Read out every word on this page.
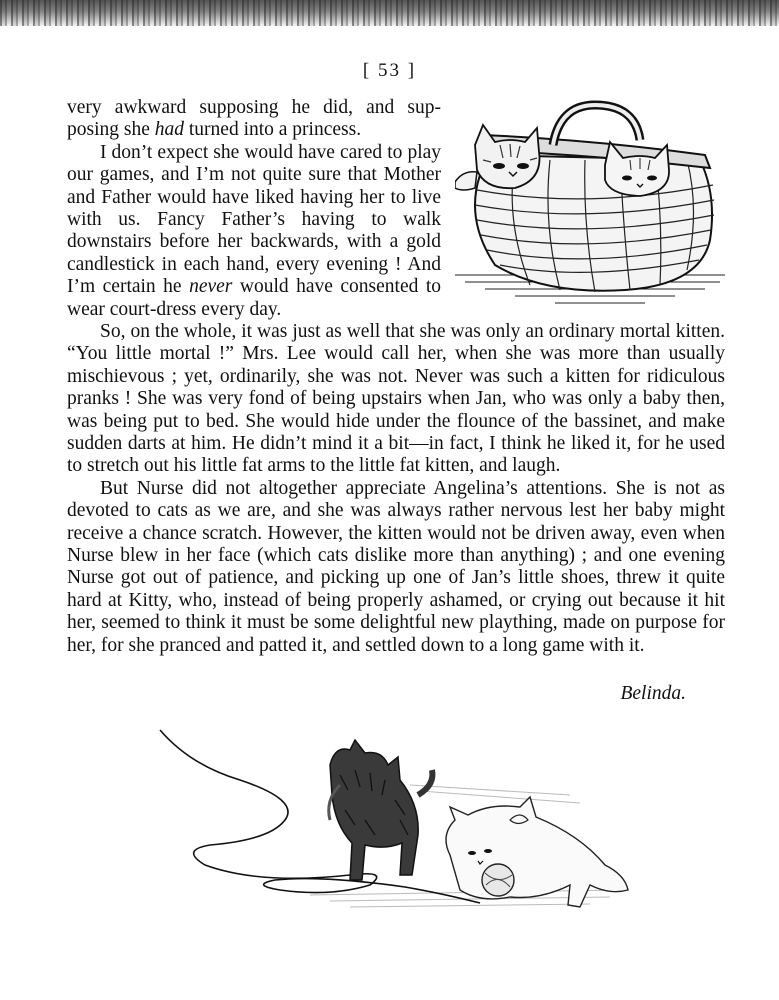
[ 53 ]

very awkward supposing he did, and sup- posing she had turned into a princess.

I don’t expect she would have cared to play our games, and I’m not quite sure that Mother and Father would have liked having her to live with us. Fancy Father’s having to walk downstairs before her backwards, with a gold candlestick in each hand, every evening ! And I’m certain he never would have consented to wear court-dress every day.

So, on the whole, it was just as well that she was only an ordinary mortal kitten. “You little mortal !” Mrs. Lee would call her, when she was more than usually mischievous ; yet, ordinarily, she was not. Never was such a kitten for ridiculous pranks ! She was very fond of being upstairs when Jan, who was only a baby then, was being put to bed. She would hide under the flounce of the bassinet, and make sudden darts at him. He didn’t mind it a bit—in fact, I think he liked it, for he used to stretch out his little fat arms to the little fat kitten, and laugh.

But Nurse did not altogether appreciate Angelina’s attentions. She is not as devoted to cats as we are, and she was always rather nervous lest her baby might receive a chance scratch. However, the kitten would not be driven away, even when Nurse blew in her face (which cats dislike more than anything) ; and one evening Nurse got out of patience, and picking up one of Jan’s little shoes, threw it quite hard at Kitty, who, instead of being properly ashamed, or crying out because it hit her, seemed to think it must be some delightful new plaything, made on purpose for her, for she pranced and patted it, and settled down to a long game with it.

Belinda.
